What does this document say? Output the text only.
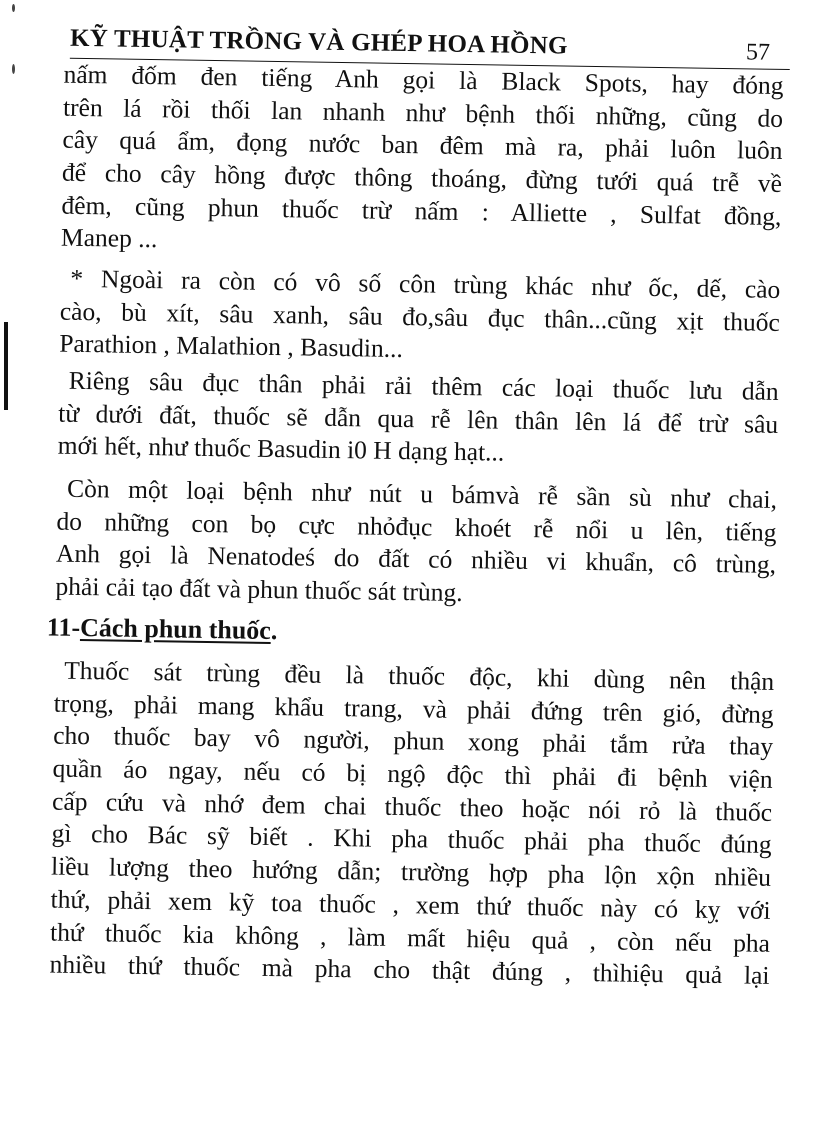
KỸ THUẬT TRỒNG VÀ GHÉP HOA HỒNG	57
nấm đốm đen tiếng Anh gọi là Black Spots, hay đóng
trên lá rồi thối lan nhanh như bệnh thối những, cũng do
cây quá ẩm, đọng nước ban đêm mà ra, phải luôn luôn
để cho cây hồng được thông thoáng, đừng tưới quá trễ về
đêm, cũng phun thuốc trừ nấm : Alliette , Sulfat đồng,
Manep ...
* Ngoài ra còn có vô số côn trùng khác như ốc, dế, cào
cào, bù xít, sâu xanh, sâu đo,sâu đục thân...cũng xịt thuốc
Parathion , Malathion , Basudin...
Riêng sâu đục thân phải rải thêm các loại thuốc lưu dẫn
từ dưới đất, thuốc sẽ dẫn qua rễ lên thân lên lá để trừ sâu
mới hết, như thuốc Basudin i0 H dạng hạt...
Còn một loại bệnh như nút u bámvà rễ sần sù như chai,
do những con bọ cực nhỏđục khoét rễ nổi u lên, tiếng
Anh gọi là Nenatodeś do đất có nhiều vi khuẩn, cô trùng,
phải cải tạo đất và phun thuốc sát trùng.
11-Cách phun thuốc.
Thuốc sát trùng đều là thuốc độc, khi dùng nên thận
trọng, phải mang khẩu trang, và phải đứng trên gió, đừng
cho thuốc bay vô người, phun xong phải tắm rửa thay
quần áo ngay, nếu có bị ngộ độc thì phải đi bệnh viện
cấp cứu và nhớ đem chai thuốc theo hoặc nói rỏ là thuốc
gì cho Bác sỹ biết . Khi pha thuốc phải pha thuốc đúng
liều lượng theo hướng dẫn; trường hợp pha lộn xộn nhiều
thứ, phải xem kỹ toa thuốc , xem thứ thuốc này có kỵ với
thứ thuốc kia không , làm mất hiệu quả , còn nếu pha
nhiều thứ thuốc mà pha cho thật đúng , thìhiệu quả lại
